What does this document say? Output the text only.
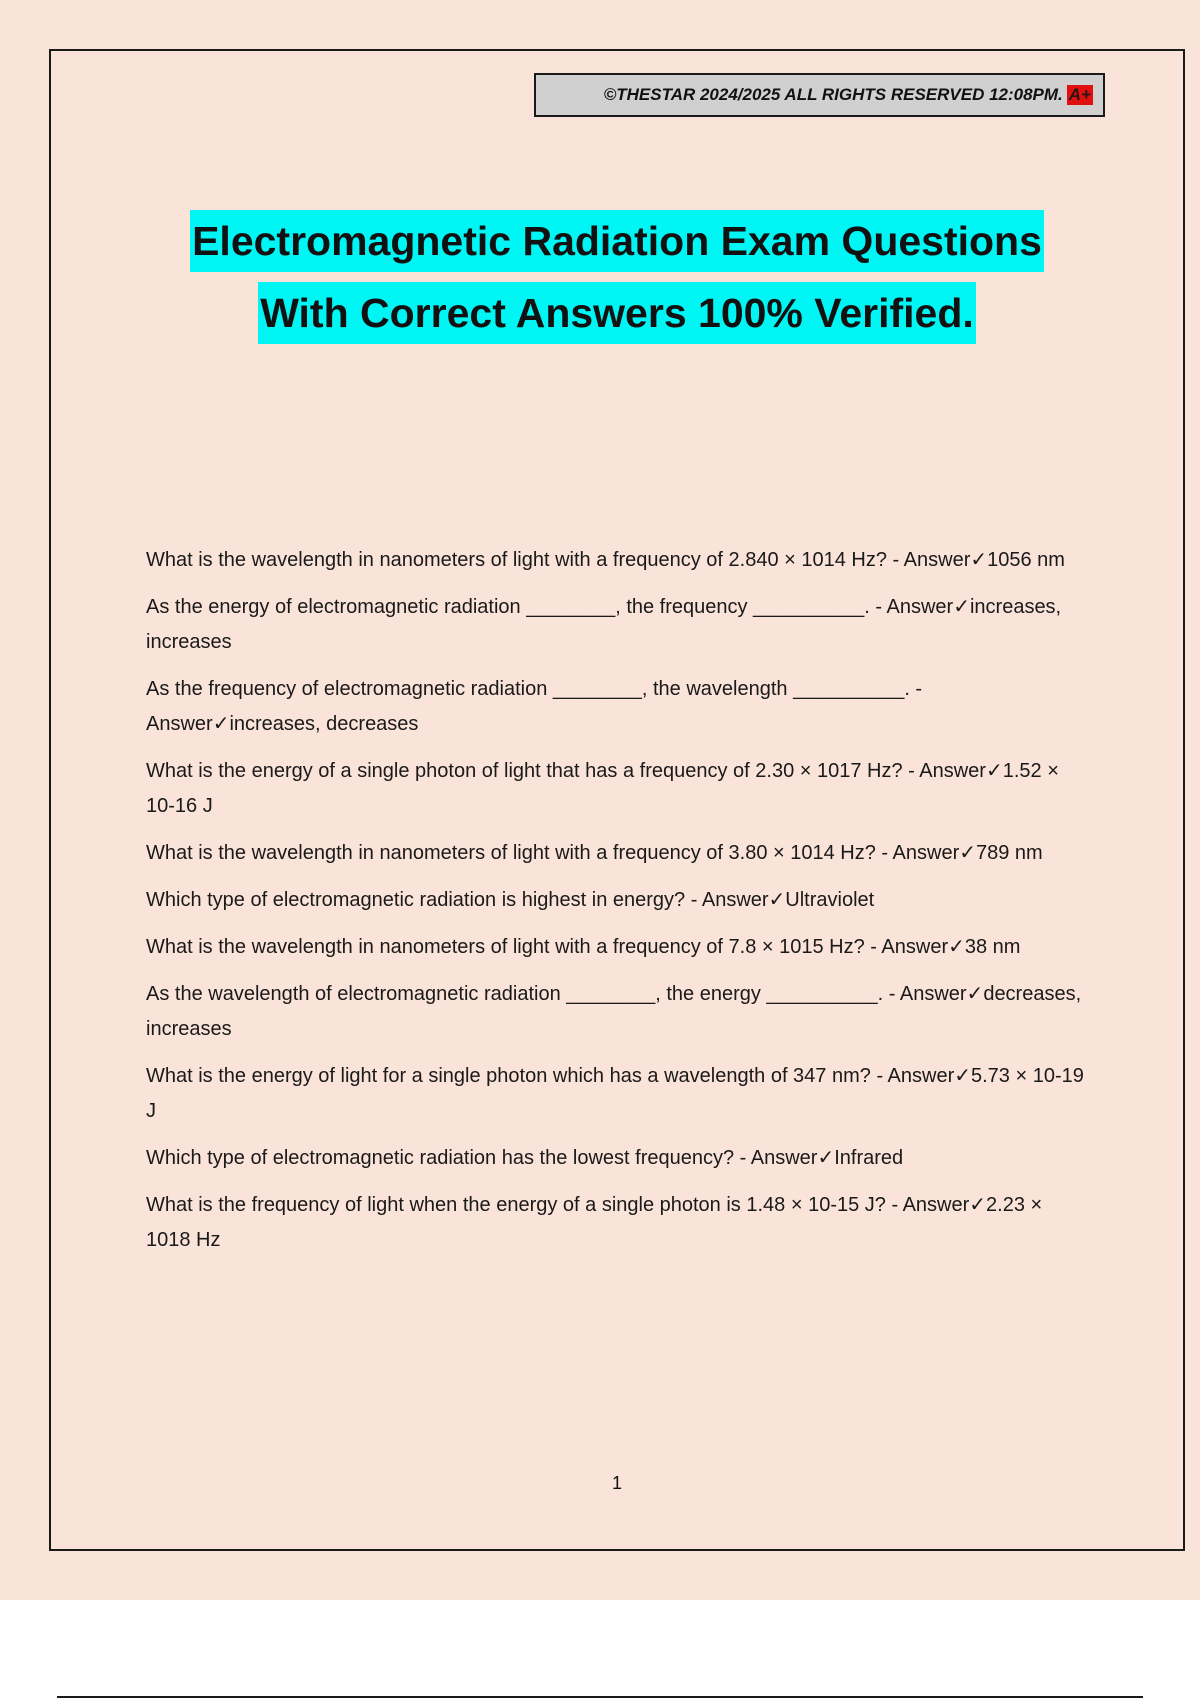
©THESTAR 2024/2025 ALL RIGHTS RESERVED 12:08PM. A+
Electromagnetic Radiation Exam Questions
With Correct Answers 100% Verified.

What is the wavelength in nanometers of light with a frequency of 2.840 × 1014 Hz? - Answer✓1056 nm

As the energy of electromagnetic radiation ________, the frequency __________. - Answer✓increases, increases

As the frequency of electromagnetic radiation ________, the wavelength __________. - Answer✓increases, decreases

What is the energy of a single photon of light that has a frequency of 2.30 × 1017 Hz? - Answer✓1.52 × 10-16 J

What is the wavelength in nanometers of light with a frequency of 3.80 × 1014 Hz? - Answer✓789 nm

Which type of electromagnetic radiation is highest in energy? - Answer✓Ultraviolet

What is the wavelength in nanometers of light with a frequency of 7.8 × 1015 Hz? - Answer✓38 nm

As the wavelength of electromagnetic radiation ________, the energy __________. - Answer✓decreases, increases

What is the energy of light for a single photon which has a wavelength of 347 nm? - Answer✓5.73 × 10-19 J

Which type of electromagnetic radiation has the lowest frequency? - Answer✓Infrared

What is the frequency of light when the energy of a single photon is 1.48 × 10-15 J? - Answer✓2.23 × 1018 Hz

1
